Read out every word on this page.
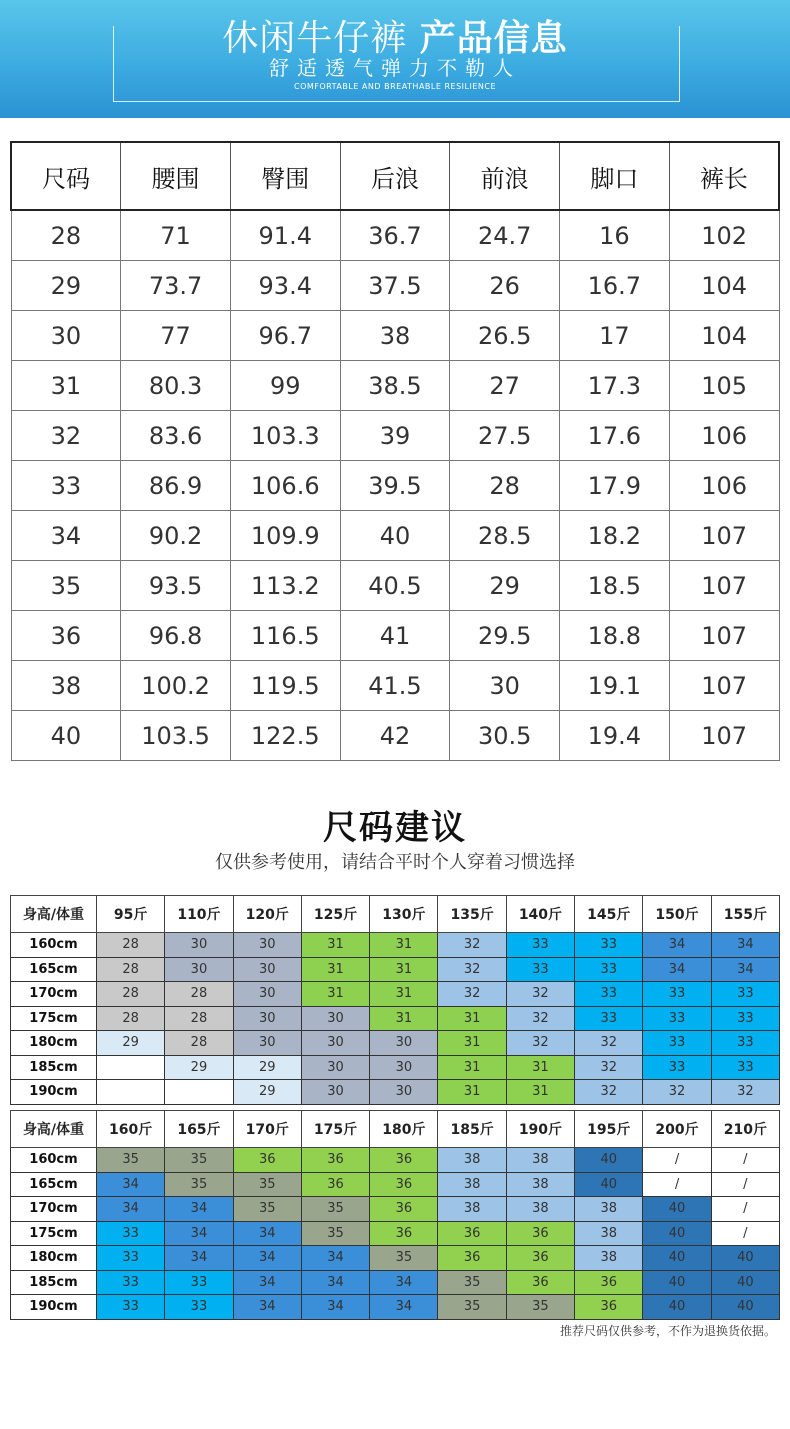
休闲牛仔裤 产品信息
舒适透气弹力不勒人
COMFORTABLE AND BREATHABLE RESILIENCE
尺码	腰围	臀围	后浪	前浪	脚口	裤长
28	71	91.4	36.7	24.7	16	102
29	73.7	93.4	37.5	26	16.7	104
30	77	96.7	38	26.5	17	104
31	80.3	99	38.5	27	17.3	105
32	83.6	103.3	39	27.5	17.6	106
33	86.9	106.6	39.5	28	17.9	106
34	90.2	109.9	40	28.5	18.2	107
35	93.5	113.2	40.5	29	18.5	107
36	96.8	116.5	41	29.5	18.8	107
38	100.2	119.5	41.5	30	19.1	107
40	103.5	122.5	42	30.5	19.4	107
尺码建议
仅供参考使用，请结合平时个人穿着习惯选择
身高/体重	95斤	110斤	120斤	125斤	130斤	135斤	140斤	145斤	150斤	155斤
160cm	28	30	30	31	31	32	33	33	34	34
165cm	28	30	30	31	31	32	33	33	34	34
170cm	28	28	30	31	31	32	32	33	33	33
175cm	28	28	30	30	31	31	32	33	33	33
180cm	29	28	30	30	30	31	32	32	33	33
185cm		29	29	30	30	31	31	32	33	33
190cm			29	30	30	31	31	32	32	32
身高/体重	160斤	165斤	170斤	175斤	180斤	185斤	190斤	195斤	200斤	210斤
160cm	35	35	36	36	36	38	38	40	/	/
165cm	34	35	35	36	36	38	38	40	/	/
170cm	34	34	35	35	36	38	38	38	40	/
175cm	33	34	34	35	36	36	36	38	40	/
180cm	33	34	34	34	35	36	36	38	40	40
185cm	33	33	34	34	34	35	36	36	40	40
190cm	33	33	34	34	34	35	35	36	40	40
推荐尺码仅供参考，不作为退换货依据。
